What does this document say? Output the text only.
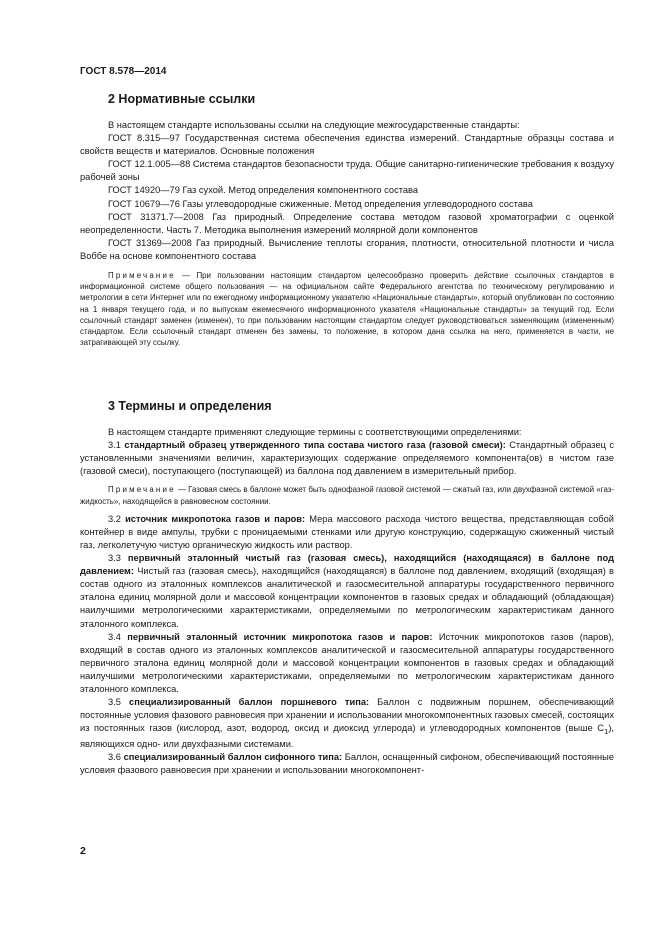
ГОСТ 8.578—2014
2 Нормативные ссылки

В настоящем стандарте использованы ссылки на следующие межгосударственные стандарты:

ГОСТ 8.315—97 Государственная система обеспечения единства измерений. Стандартные образцы состава и свойств веществ и материалов. Основные положения

ГОСТ 12.1.005—88 Система стандартов безопасности труда. Общие санитарно-гигиенические требования к воздуху рабочей зоны

ГОСТ 14920—79 Газ сухой. Метод определения компонентного состава

ГОСТ 10679—76 Газы углеводородные сжиженные. Метод определения углеводородного состава

ГОСТ 31371.7—2008 Газ природный. Определение состава методом газовой хроматографии с оценкой неопределенности. Часть 7. Методика выполнения измерений молярной доли компонентов

ГОСТ 31369—2008 Газ природный. Вычисление теплоты сгорания, плотности, относительной плотности и числа Воббе на основе компонентного состава

Примечание — При пользовании настоящим стандартом целесообразно проверить действие ссылочных стандартов в информационной системе общего пользования — на официальном сайте Федерального агентства по техническому регулированию и метрологии в сети Интернет или по ежегодному информационному указателю «Национальные стандарты», который опубликован по состоянию на 1 января текущего года, и по выпускам ежемесячного информационного указателя «Национальные стандарты» за текущий год. Если ссылочный стандарт заменен (изменен), то при пользовании настоящим стандартом следует руководствоваться заменяющим (измененным) стандартом. Если ссылочный стандарт отменен без замены, то положение, в котором дана ссылка на него, применяется в части, не затрагивающей эту ссылку.

3 Термины и определения

В настоящем стандарте применяют следующие термины с соответствующими определениями:

3.1 стандартный образец утвержденного типа состава чистого газа (газовой смеси): Стандартный образец с установленными значениями величин, характеризующих содержание определяемого компонента(ов) в чистом газе (газовой смеси), поступающего (поступающей) из баллона под давлением в измерительный прибор.

Примечание — Газовая смесь в баллоне может быть однофазной газовой системой — сжатый газ, или двухфазной системой «газ-жидкость», находящейся в равновесном состоянии.

3.2 источник микропотока газов и паров: Мера массового расхода чистого вещества, представляющая собой контейнер в виде ампулы, трубки с проницаемыми стенками или другую конструкцию, содержащую сжиженный чистый газ, легколетучую чистую органическую жидкость или раствор.

3.3 первичный эталонный чистый газ (газовая смесь), находящийся (находящаяся) в баллоне под давлением: Чистый газ (газовая смесь), находящийся (находящаяся) в баллоне под давлением, входящий (входящая) в состав одного из эталонных комплексов аналитической и газосмесительной аппаратуры государственного первичного эталона единиц молярной доли и массовой концентрации компонентов в газовых средах и обладающий (обладающая) наилучшими метрологическими характеристиками, определяемыми по метрологическим характеристикам данного эталонного комплекса.

3.4 первичный эталонный источник микропотока газов и паров: Источник микропотоков газов (паров), входящий в состав одного из эталонных комплексов аналитической и газосмесительной аппаратуры государственного первичного эталона единиц молярной доли и массовой концентрации компонентов в газовых средах и обладающий наилучшими метрологическими характеристиками, определяемыми по метрологическим характеристикам данного эталонного комплекса.

3.5 специализированный баллон поршневого типа: Баллон с подвижным поршнем, обеспечивающий постоянные условия фазового равновесия при хранении и использовании многокомпонентных газовых смесей, состоящих из постоянных газов (кислород, азот, водород, оксид и диоксид углерода) и углеводородных компонентов (выше $C_1$), являющихся одно- или двухфазными системами.

3.6 специализированный баллон сифонного типа: Баллон, оснащенный сифоном, обеспечивающий постоянные условия фазового равновесия при хранении и использовании многокомпонент-

2
